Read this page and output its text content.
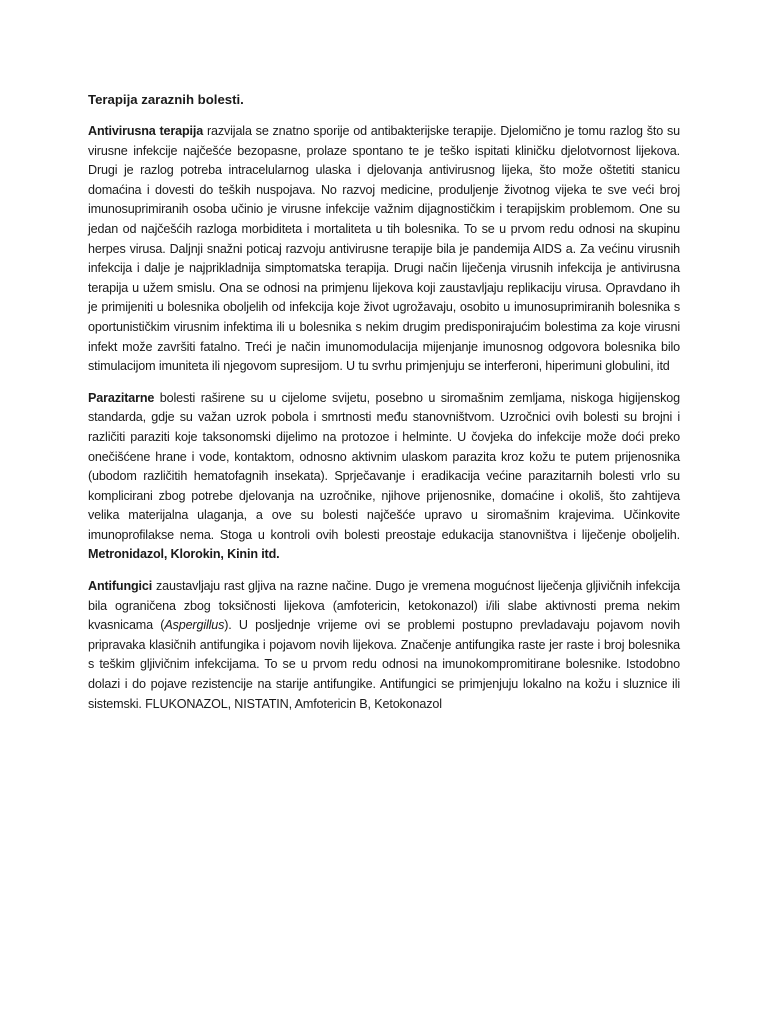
Terapija zaraznih bolesti.

Antivirusna terapija razvijala se znatno sporije od antibakterijske terapije. Djelomično je tomu razlog što su virusne infekcije najčešće bezopasne, prolaze spontano te je teško ispitati kliničku djelotvornost lijekova. Drugi je razlog potreba intracelularnog ulaska i djelovanja antivirusnog lijeka, što može oštetiti stanicu domaćina i dovesti do teških nuspojava. No razvoj medicine, produljenje životnog vijeka te sve veći broj imunosuprimiranih osoba učinio je virusne infekcije važnim dijagnostičkim i terapijskim problemom. One su jedan od najčešćih razloga morbiditeta i mortaliteta u tih bolesnika. To se u prvom redu odnosi na skupinu herpes virusa. Daljnji snažni poticaj razvoju antivirusne terapije bila je pandemija AIDS a. Za većinu virusnih infekcija i dalje je najprikladnija simptomatska terapija. Drugi način liječenja virusnih infekcija je antivirusna terapija u užem smislu. Ona se odnosi na primjenu lijekova koji zaustavljaju replikaciju virusa. Opravdano ih je primijeniti u bolesnika oboljelih od infekcija koje život ugrožavaju, osobito u imunosuprimiranih bolesnika s oportunističkim virusnim infektima ili u bolesnika s nekim drugim predisponirajućim bolestima za koje virusni infekt može završiti fatalno. Treći je način imunomodulacija mijenjanje imunosnog odgovora bolesnika bilo stimulacijom imuniteta ili njegovom supresijom. U tu svrhu primjenjuju se interferoni, hiperimuni globulini, itd

Parazitarne bolesti raširene su u cijelome svijetu, posebno u siromašnim zemljama, niskoga higijenskog standarda, gdje su važan uzrok pobola i smrtnosti među stanovništvom. Uzročnici ovih bolesti su brojni i različiti paraziti koje taksonomski dijelimo na protozoe i helminte. U čovjeka do infekcije može doći preko onečišćene hrane i vode, kontaktom, odnosno aktivnim ulaskom parazita kroz kožu te putem prijenosnika (ubodom različitih hematofagnih insekata). Sprječavanje i eradikacija većine parazitarnih bolesti vrlo su komplicirani zbog potrebe djelovanja na uzročnike, njihove prijenosnike, domaćine i okoliš, što zahtijeva velika materijalna ulaganja, a ove su bolesti najčešće upravo u siromašnim krajevima. Učinkovite imunoprofilakse nema. Stoga u kontroli ovih bolesti preostaje edukacija stanovništva i liječenje oboljelih. Metronidazol, Klorokin, Kinin itd.

Antifungici zaustavljaju rast gljiva na razne načine. Dugo je vremena mogućnost liječenja gljivičnih infekcija bila ograničena zbog toksičnosti lijekova (amfotericin, ketokonazol) i/ili slabe aktivnosti prema nekim kvasnicama (Aspergillus). U posljednje vrijeme ovi se problemi postupno prevladavaju pojavom novih pripravaka klasičnih antifungika i pojavom novih lijekova. Značenje antifungika raste jer raste i broj bolesnika s teškim gljivičnim infekcijama. To se u prvom redu odnosi na imunokompromitirane bolesnike. Istodobno dolazi i do pojave rezistencije na starije antifungike. Antifungici se primjenjuju lokalno na kožu i sluznice ili sistemski. FLUKONAZOL, NISTATIN, Amfotericin B, Ketokonazol
